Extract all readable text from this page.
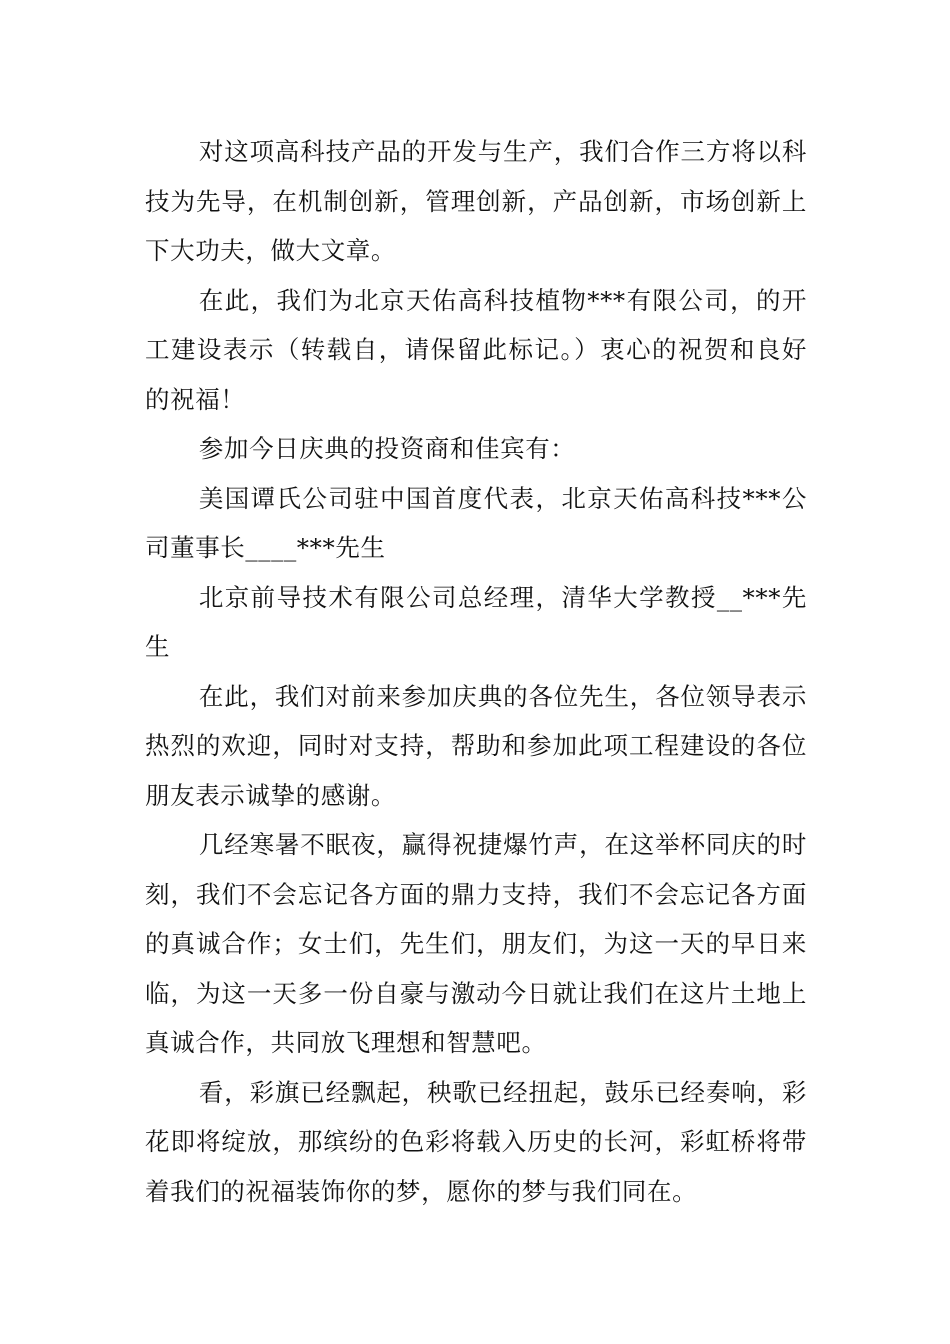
对这项高科技产品的开发与生产，我们合作三方将以科技为先导，在机制创新，管理创新，产品创新，市场创新上下大功夫，做大文章。

在此，我们为北京天佑高科技植物***有限公司，的开工建设表示（转载自，请保留此标记。）衷心的祝贺和良好的祝福！

参加今日庆典的投资商和佳宾有：

美国谭氏公司驻中国首度代表，北京天佑高科技***公司董事长____***先生

北京前导技术有限公司总经理，清华大学教授__***先生

在此，我们对前来参加庆典的各位先生，各位领导表示热烈的欢迎，同时对支持，帮助和参加此项工程建设的各位朋友表示诚挚的感谢。

几经寒暑不眠夜，赢得祝捷爆竹声，在这举杯同庆的时刻，我们不会忘记各方面的鼎力支持，我们不会忘记各方面的真诚合作；女士们，先生们，朋友们，为这一天的早日来临，为这一天多一份自豪与激动今日就让我们在这片土地上真诚合作，共同放飞理想和智慧吧。

看，彩旗已经飘起，秧歌已经扭起，鼓乐已经奏响，彩花即将绽放，那缤纷的色彩将载入历史的长河，彩虹桥将带着我们的祝福装饰你的梦，愿你的梦与我们同在。
